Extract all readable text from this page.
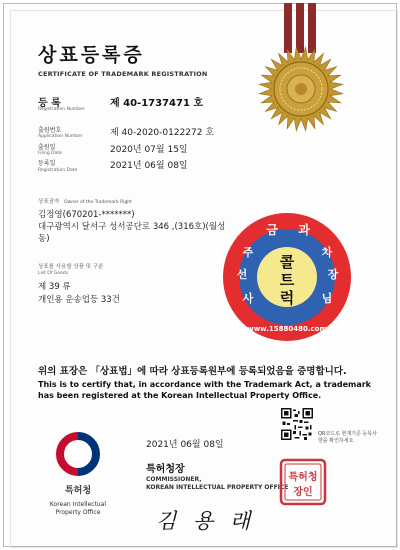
상표등록증
CERTIFICATE OF TRADEMARK REGISTRATION
등 록
Registration Number
제 40-1737471 호
출원번호
Application Number	제 40-2020-0122272 호
출원일
Filing Date	2020년 07월 15일
등록일
Registration Date	2021년 06월 08일
상표권자 Owner of the Trademark Right
김정영(670201-*******)
대구광역시 달서구 성서공단로 346 ,(316호)(월성
동)
상표를 사용할 상품 및 구분
List Of Goods
제 39 류
개인용 운송업등 33건
금 과
주
선
사
차
장
님
콜
트
럭
www.15880480.com
위의 표장은 「상표법」에 따라 상표등록원부에 등록되었음을 증명합니다.
This is to certify that, in accordance with the Trademark Act, a trademark
has been registered at the Korean Intellectual Property Office.
특허청
Korean Intellectual
Property Office
2021년 06월 08일
특허청장
COMMISSIONER,
KOREAN INTELLECTUAL PROPERTY OFFICE
김 용 래
QR코드로 현재기준 등록사항을 확인하세요
특허청
장인
